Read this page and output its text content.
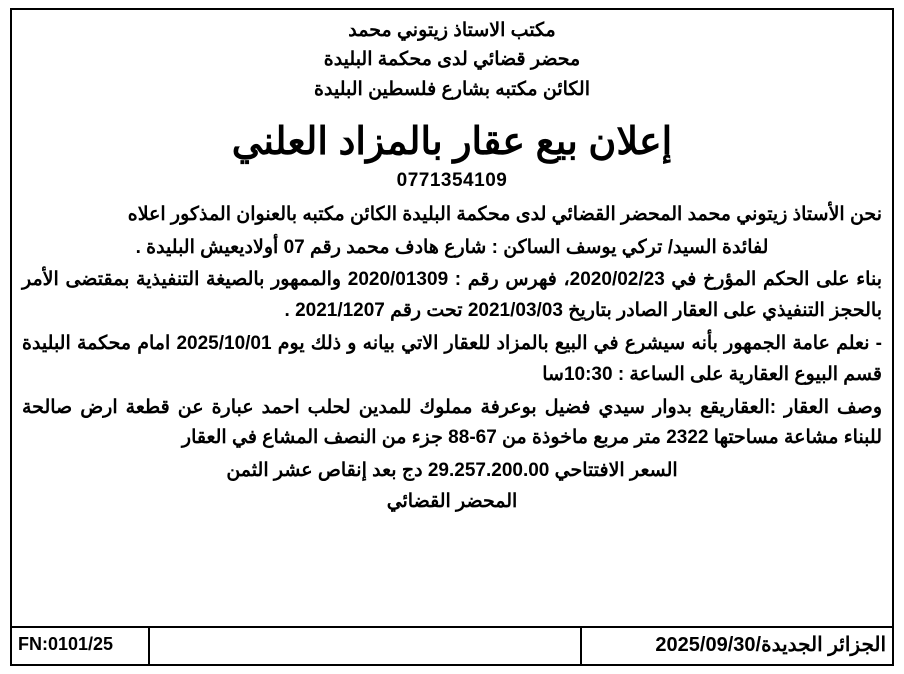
مكتب الاستاذ زيتوني محمد
محضر قضائي لدى محكمة البليدة
الكائن مكتبه بشارع فلسطين البليدة
إعلان بيع عقار بالمزاد العلني
0771354109

نحن الأستاذ زيتوني محمد المحضر القضائي لدى محكمة البليدة الكائن مكتبه بالعنوان المذكور اعلاه

لفائدة السيد/ تركي يوسف الساكن : شارع هادف محمد رقم 07 أولاديعيش البليدة .

بناء على الحكم المؤرخ في 2020/02/23، فهرس رقم : 2020/01309 والممهور بالصيغة التنفيذية بمقتضى الأمر بالحجز التنفيذي على العقار الصادر بتاريخ 2021/03/03 تحت رقم 2021/1207 .

- نعلم عامة الجمهور بأنه سيشرع في البيع بالمزاد للعقار الاتي بيانه و ذلك يوم 2025/10/01 امام محكمة البليدة قسم البيوع العقارية على الساعة : 10:30سا

وصف العقار :العقاريقع بدوار سيدي فضيل بوعرفة مملوك للمدين لحلب احمد عبارة عن قطعة ارض صالحة للبناء مشاعة مساحتها 2322 متر مربع ماخوذة من 67-88 جزء من النصف المشاع في العقار

السعر الافتتاحي 29.257.200.00 دج بعد إنقاص عشر الثمن

المحضر القضائي
الجزائر الجديدة/2025/09/30
FN:0101/25
